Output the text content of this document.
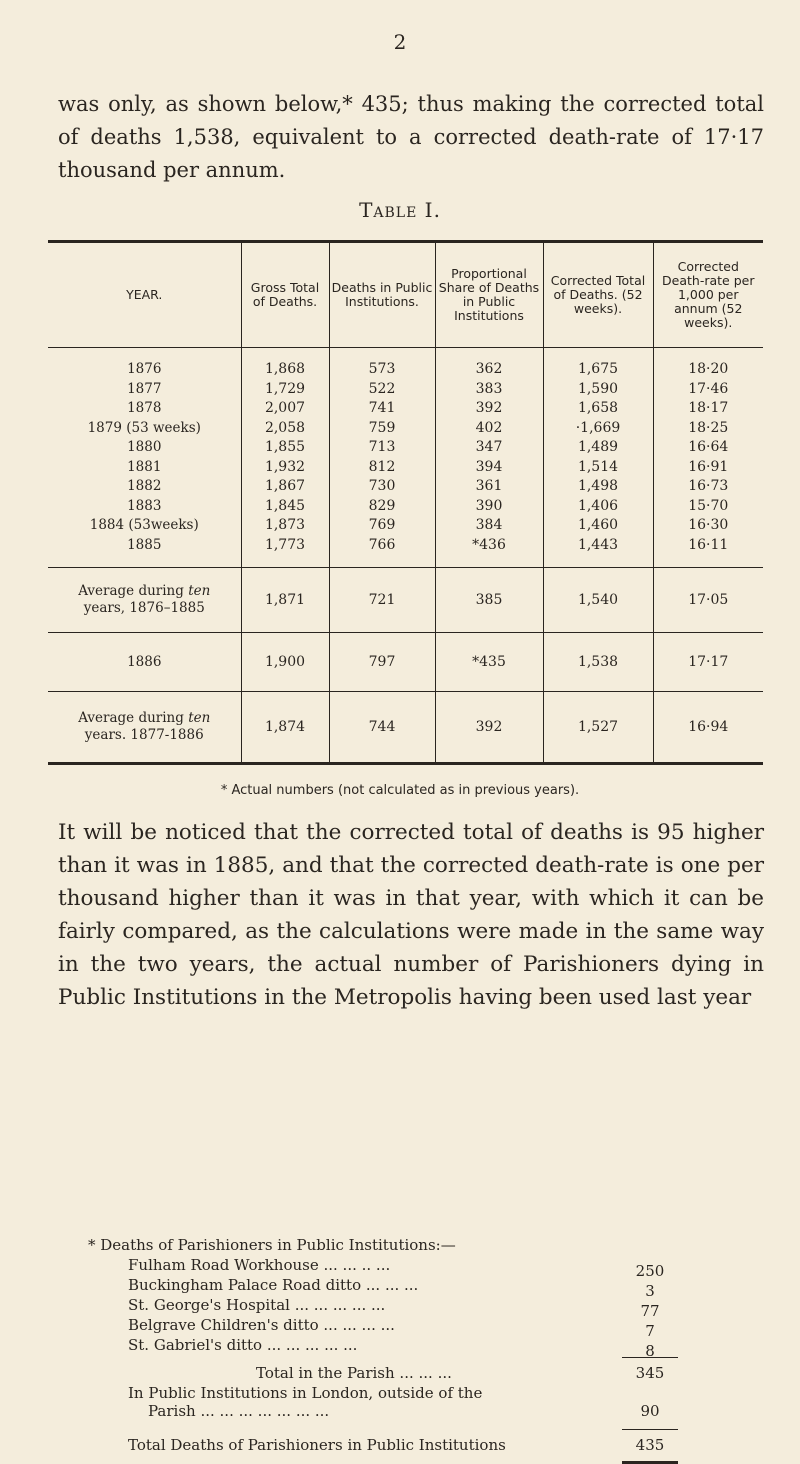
2
was only, as shown below,* 435; thus making the corrected total of deaths 1,538, equivalent to a corrected death-rate of 17·17 thousand per annum.
Table I.
YEAR.	Gross Total of Deaths.	Deaths in Public Institutions.	Proportional Share of Deaths in Public Institutions	Corrected Total of Deaths. (52 weeks).	Corrected Death-rate per 1,000 per annum (52 weeks).
1876	1,868	573	362	1,675	18·20
1877	1,729	522	383	1,590	17·46
1878	2,007	741	392	1,658	18·17
1879 (53 weeks)	2,058	759	402	·1,669	18·25
1880	1,855	713	347	1,489	16·64
1881	1,932	812	394	1,514	16·91
1882	1,867	730	361	1,498	16·73
1883	1,845	829	390	1,406	15·70
1884 (53weeks)	1,873	769	384	1,460	16·30
1885	1,773	766	*436	1,443	16·11
Average during ten
years, 1876–1885	1,871	721	385	1,540	17·05
1886	1,900	797	*435	1,538	17·17
Average during ten
years. 1877-1886	1,874	744	392	1,527	16·94
* Actual numbers (not calculated as in previous years).
It will be noticed that the corrected total of deaths is 95 higher than it was in 1885, and that the corrected death-rate is one per thousand higher than it was in that year, with which it can be fairly compared, as the calculations were made in the same way in the two years, the actual number of Parishioners dying in Public Institutions in the Metropolis having been used last year
* Deaths of Parishioners in Public Institutions:—
Fulham Road Workhouse ... ... .. ...	250
Buckingham Palace Road ditto ... ... ...	3
St. George's Hospital ... ... ... ... ...	77
Belgrave Children's ditto ... ... ... ...	7
St. Gabriel's ditto ... ... ... ... ...	8
Total in the Parish ... ... ...	345
In Public Institutions in London, outside of the
Parish ... ... ... ... ... ... ...	90
Total Deaths of Parishioners in Public Institutions	435
